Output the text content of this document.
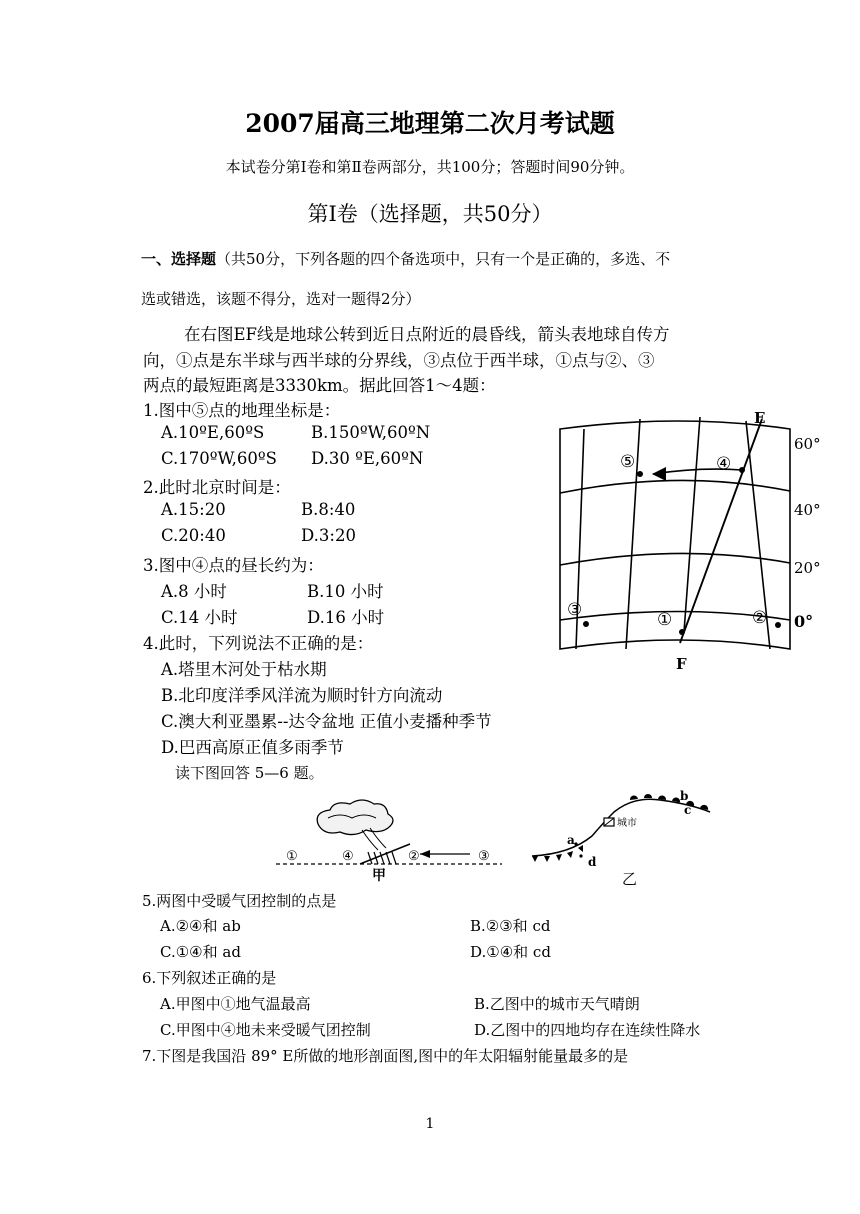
2007届高三地理第二次月考试题
本试卷分第Ⅰ卷和第Ⅱ卷两部分，共100分；答题时间90分钟。
第Ⅰ卷（选择题，共50分）
一、选择题（共50分，下列各题的四个备选项中，只有一个是正确的，多选、不
选或错选，该题不得分，选对一题得2分）
在右图EF线是地球公转到近日点附近的晨昏线，箭头表地球自传方
向，①点是东半球与西半球的分界线，③点位于西半球，①点与②、③
两点的最短距离是3330km。据此回答1～4题：
1.图中⑤点的地理坐标是：
A.10ºE,60ºS	B.150ºW,60ºN
C.170ºW,60ºS D.30 ºE,60ºN
2.此时北京时间是：
A.15:20	B.8:40
C.20:40	D.3:20
3.图中④点的昼长约为：
A.8 小时	B.10 小时
C.14 小时	D.16 小时
4.此时，下列说法不正确的是：
A.塔里木河处于枯水期
B.北印度洋季风洋流为顺时针方向流动
C.澳大利亚墨累--达令盆地 正值小麦播种季节
D.巴西高原正值多雨季节
读下图回答 5—6 题。
E
F
60°
40°
20°
0°
⑤	④
③	①	②
①	④	②	③
甲
城市
a
b
c
d
乙
5.两图中受暖气团控制的点是
A.②④和 ab	B.②③和 cd
C.①④和 ad	D.①④和 cd
6.下列叙述正确的是
A.甲图中①地气温最高	B.乙图中的城市天气晴朗
C.甲图中④地未来受暖气团控制	D.乙图中的四地均存在连续性降水
7.下图是我国沿 89° E所做的地形剖面图,图中的年太阳辐射能量最多的是
1
